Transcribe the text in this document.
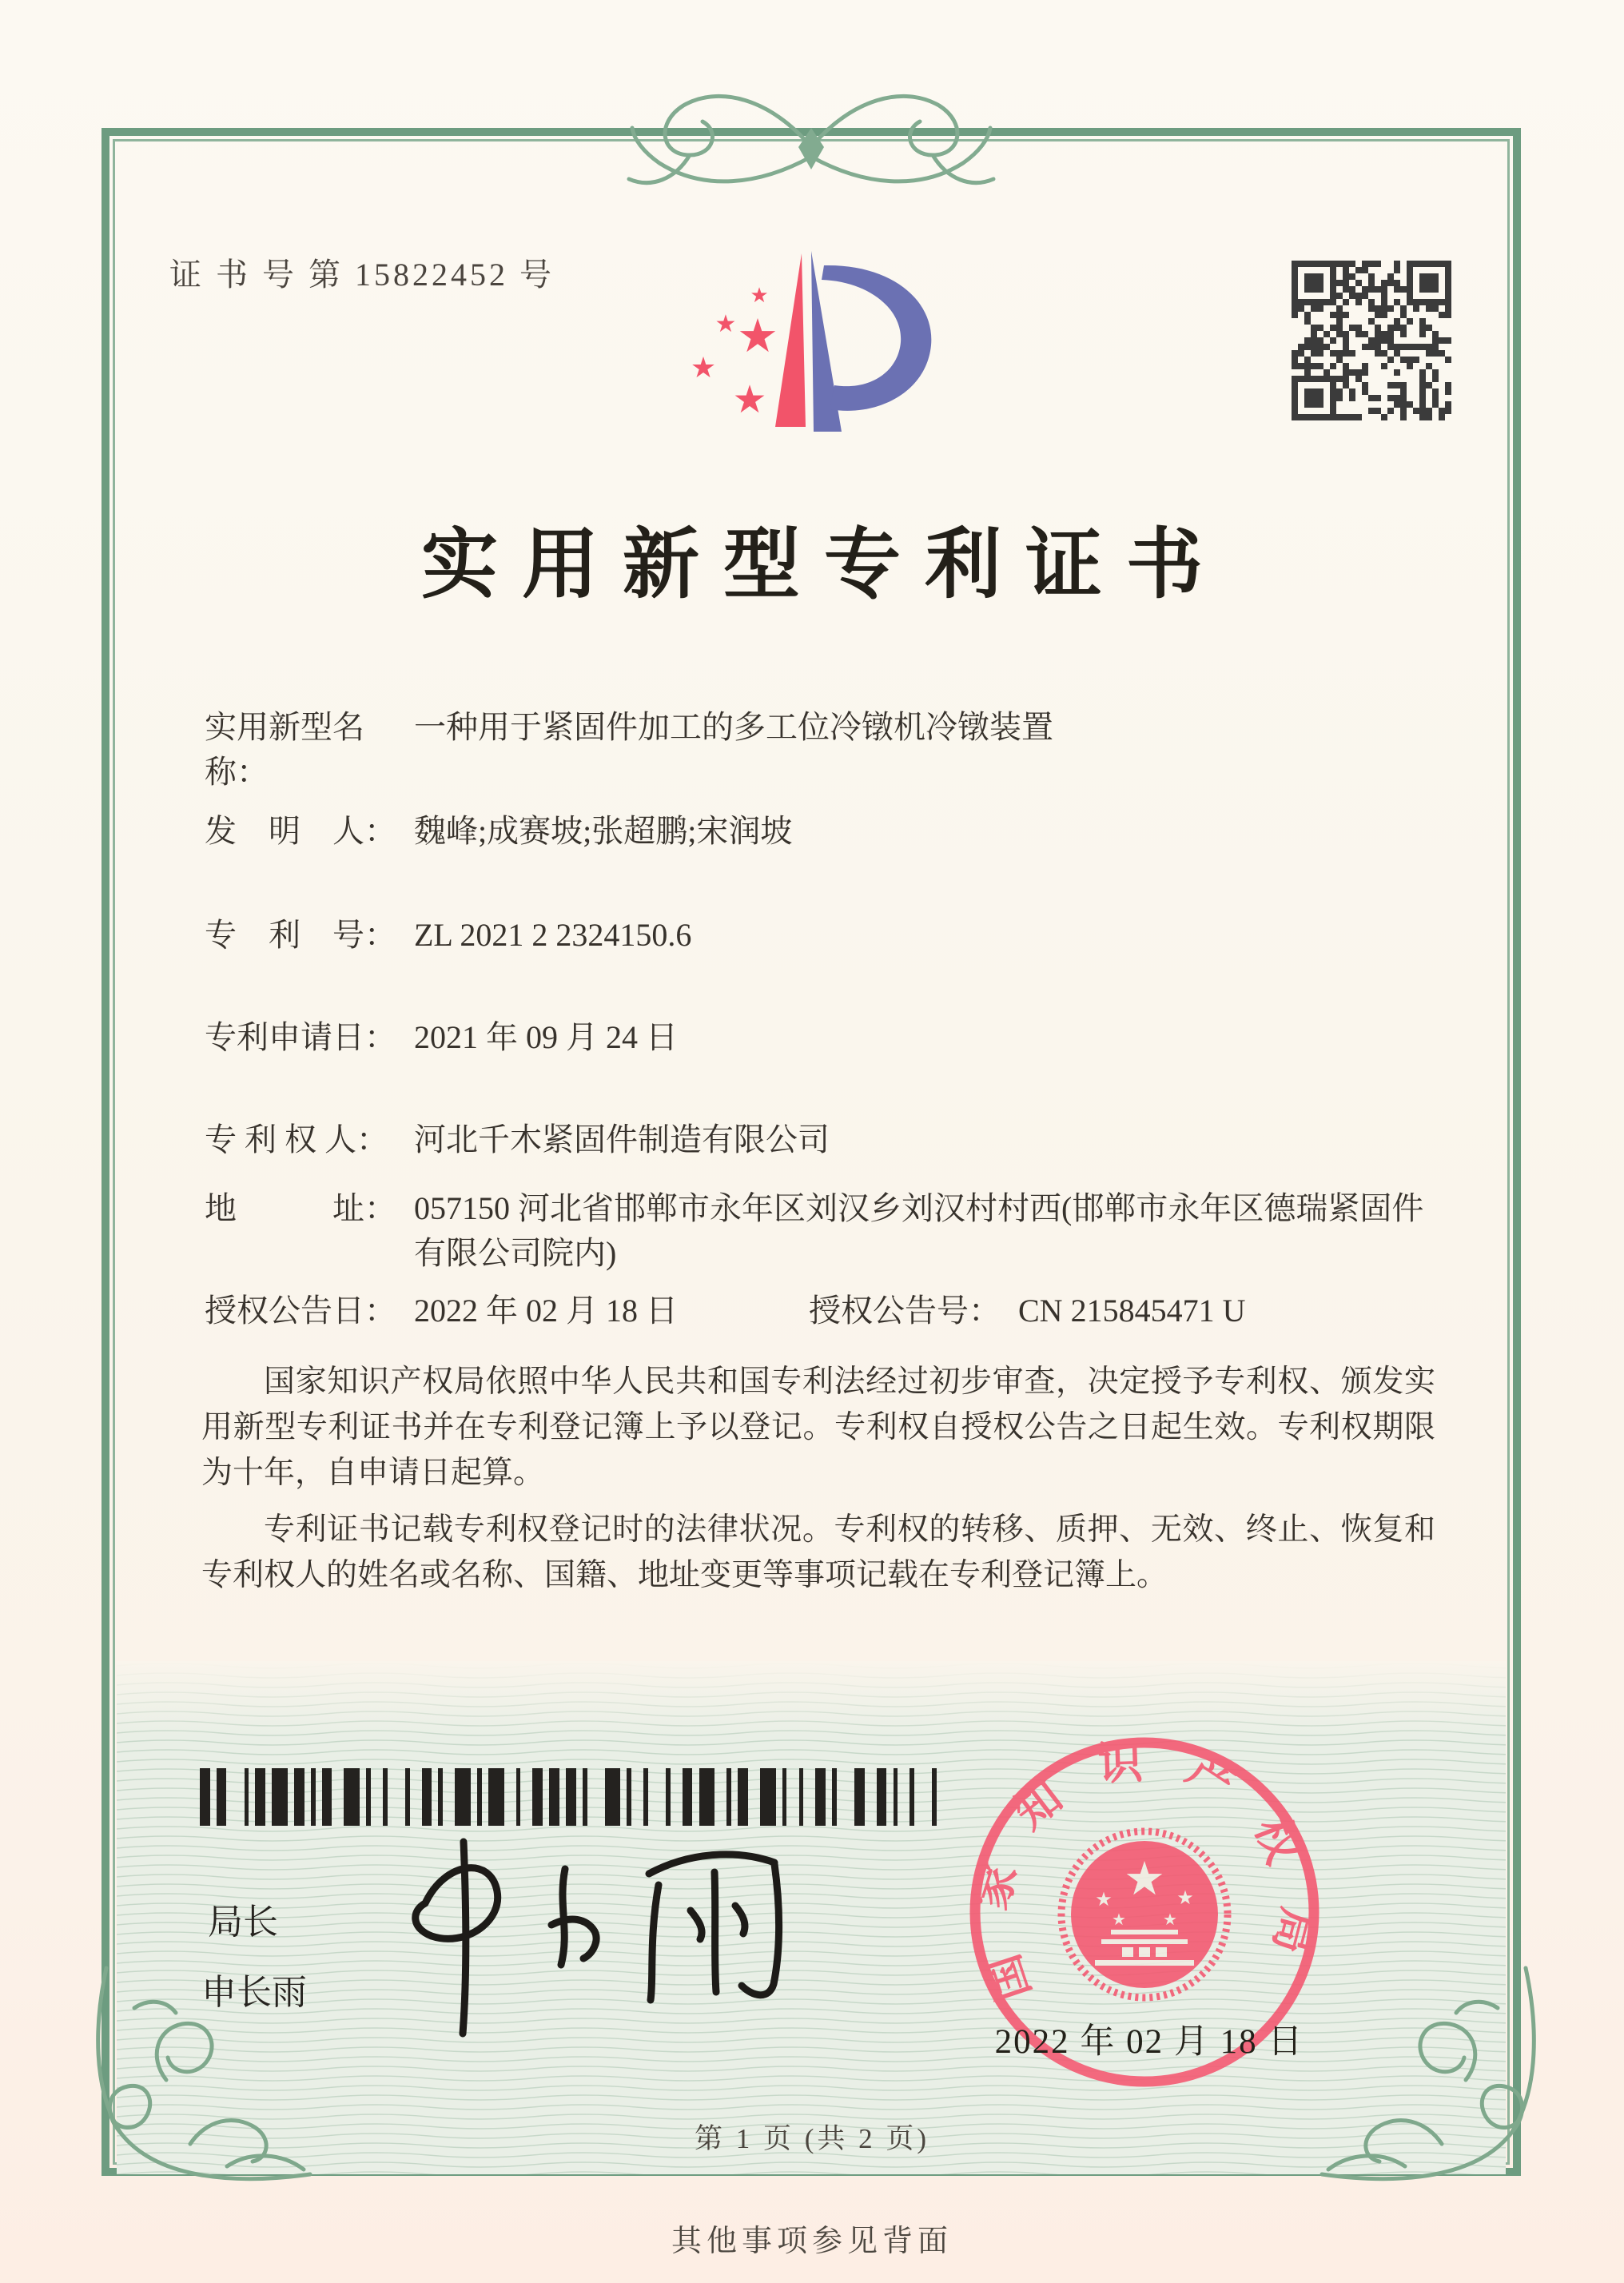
证 书 号 第 15822452 号
★
★ ★
★
★
实用新型专利证书
实用新型名称：
一种用于紧固件加工的多工位冷镦机冷镦装置
发　明　人： 魏峰;成赛坡;张超鹏;宋润坡
专　利　号： ZL 2021 2 2324150.6
专利申请日： 2021 年 09 月 24 日
专 利 权 人： 河北千木紧固件制造有限公司
地　　　址： 057150 河北省邯郸市永年区刘汉乡刘汉村村西(邯郸市永年区德瑞紧固件有限公司院内)
授权公告日： 2022 年 02 月 18 日	授权公告号： CN 215845471 U

国家知识产权局依照中华人民共和国专利法经过初步审查，决定授予专利权、颁发实用新型专利证书并在专利登记簿上予以登记。专利权自授权公告之日起生效。专利权期限为十年，自申请日起算。

专利证书记载专利权登记时的法律状况。专利权的转移、质押、无效、终止、恢复和专利权人的姓名或名称、国籍、地址变更等事项记载在专利登记簿上。

局长
申长雨	国家知识产权局
★
★	★
★ ★
2022 年 02 月 18 日
第 1 页 (共 2 页)
其他事项参见背面
